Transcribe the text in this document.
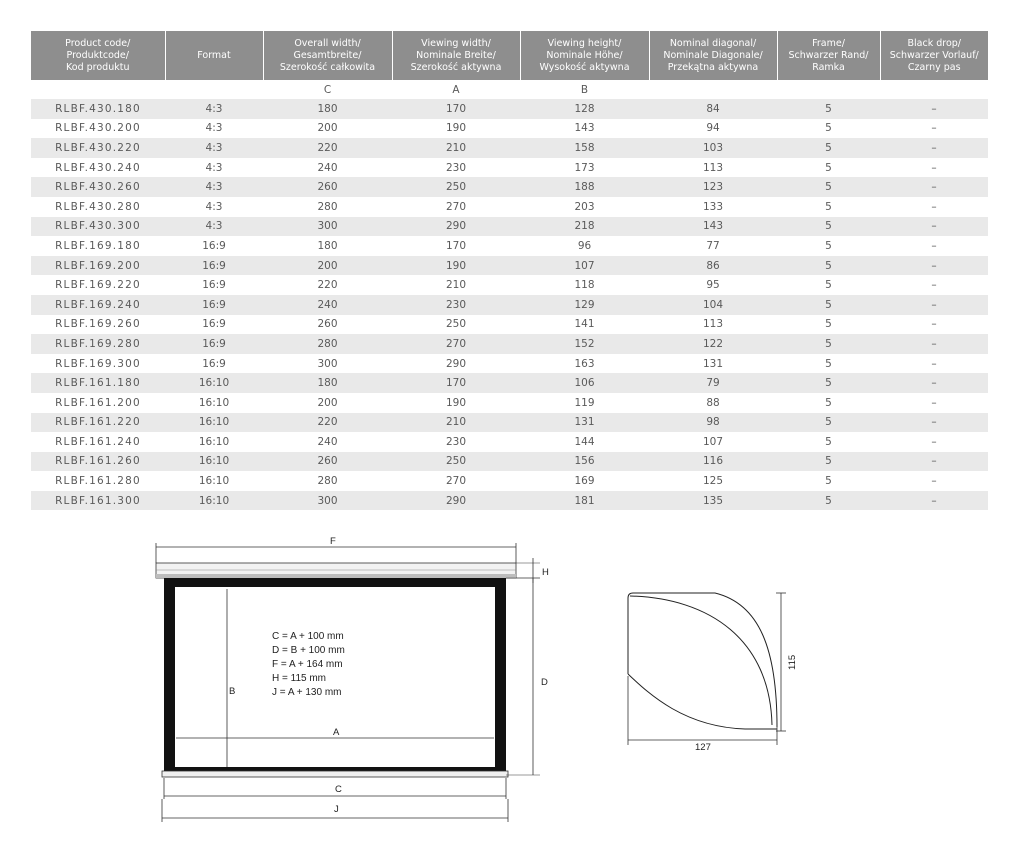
Product code/
Produktcode/
Kod produktu	Format	Overall width/
Gesamtbreite/
Szerokość całkowita	Viewing width/
Nominale Breite/
Szerokość aktywna	Viewing height/
Nominale Höhe/
Wysokość aktywna	Nominal diagonal/
Nominale Diagonale/
Przekątna aktywna	Frame/
Schwarzer Rand/
Ramka	Black drop/
Schwarzer Vorlauf/
Czarny pas
		C	A	B			
RLBF.430.180	4:3	180	170	128	84	5	–
RLBF.430.200	4:3	200	190	143	94	5	–
RLBF.430.220	4:3	220	210	158	103	5	–
RLBF.430.240	4:3	240	230	173	113	5	–
RLBF.430.260	4:3	260	250	188	123	5	–
RLBF.430.280	4:3	280	270	203	133	5	–
RLBF.430.300	4:3	300	290	218	143	5	–
RLBF.169.180	16:9	180	170	96	77	5	–
RLBF.169.200	16:9	200	190	107	86	5	–
RLBF.169.220	16:9	220	210	118	95	5	–
RLBF.169.240	16:9	240	230	129	104	5	–
RLBF.169.260	16:9	260	250	141	113	5	–
RLBF.169.280	16:9	280	270	152	122	5	–
RLBF.169.300	16:9	300	290	163	131	5	–
RLBF.161.180	16:10	180	170	106	79	5	–
RLBF.161.200	16:10	200	190	119	88	5	–
RLBF.161.220	16:10	220	210	131	98	5	–
RLBF.161.240	16:10	240	230	144	107	5	–
RLBF.161.260	16:10	260	250	156	116	5	–
RLBF.161.280	16:10	280	270	169	125	5	–
RLBF.161.300	16:10	300	290	181	135	5	–
F
H
D
B
A
C = A + 100 mm
D = B + 100 mm
F = A + 164 mm
H = 115 mm
J = A + 130 mm
C
J
115
127
